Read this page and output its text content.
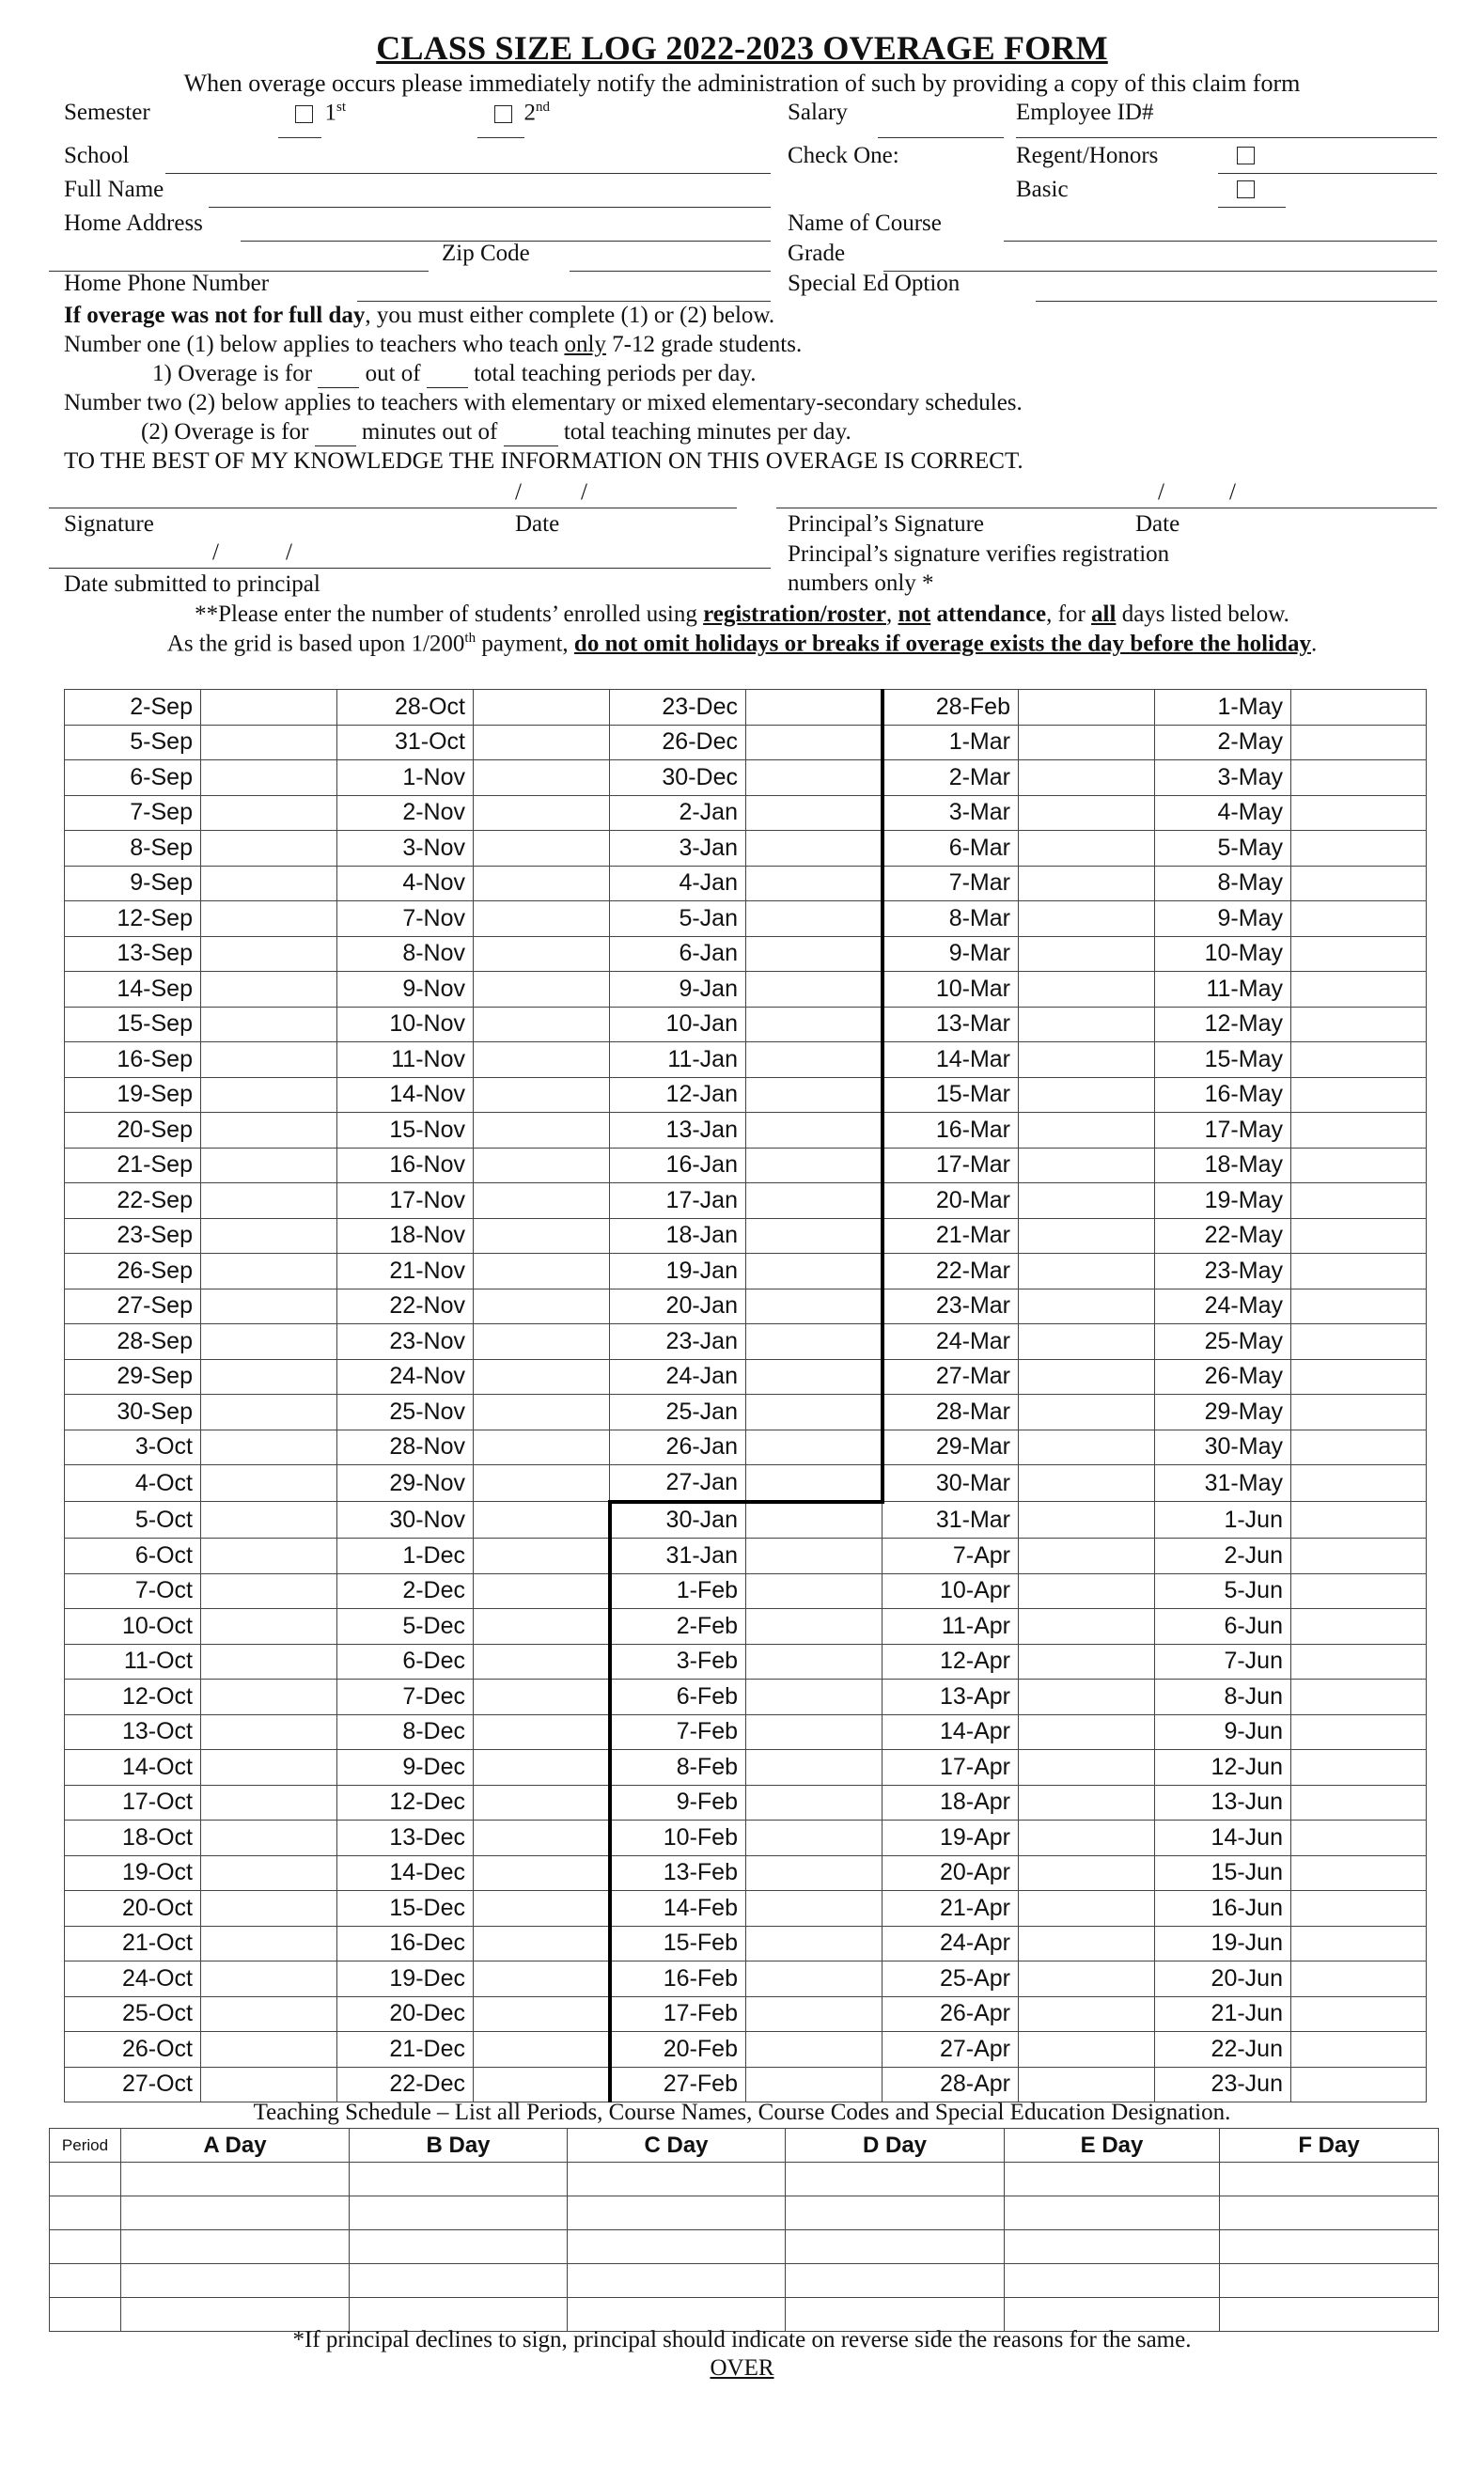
CLASS SIZE LOG 2022-2023 OVERAGE FORM
When overage occurs please immediately notify the administration of such by providing a copy of this claim form
Semester	1st	2nd	Salary	Employee ID#
School	Check One:	Regent/Honors
Full Name	Basic
Home Address	Name of Course
Zip Code	Grade
Home Phone Number	Special Ed Option
If overage was not for full day, you must either complete (1) or (2) below.
Number one (1) below applies to teachers who teach only 7-12 grade students.
1) Overage is for   out of   total teaching periods per day.
Number two (2) below applies to teachers with elementary or mixed elementary-secondary schedules.
(2) Overage is for   minutes out of   total teaching minutes per day.
TO THE BEST OF MY KNOWLEDGE THE INFORMATION ON THIS OVERAGE IS CORRECT.
/	/
Signature	Date
/	/
Principal’s Signature	Date
/	/
Date submitted to principal
Principal’s signature verifies registration
numbers only *
**Please enter the number of students’ enrolled using registration/roster, not attendance, for all days listed below.
As the grid is based upon 1/200th payment, do not omit holidays or breaks if overage exists the day before the holiday.
2-Sep		28-Oct		23-Dec		28-Feb		1-May	
5-Sep		31-Oct		26-Dec		1-Mar		2-May	
6-Sep		1-Nov		30-Dec		2-Mar		3-May	
7-Sep		2-Nov		2-Jan		3-Mar		4-May	
8-Sep		3-Nov		3-Jan		6-Mar		5-May	
9-Sep		4-Nov		4-Jan		7-Mar		8-May	
12-Sep		7-Nov		5-Jan		8-Mar		9-May	
13-Sep		8-Nov		6-Jan		9-Mar		10-May	
14-Sep		9-Nov		9-Jan		10-Mar		11-May	
15-Sep		10-Nov		10-Jan		13-Mar		12-May	
16-Sep		11-Nov		11-Jan		14-Mar		15-May	
19-Sep		14-Nov		12-Jan		15-Mar		16-May	
20-Sep		15-Nov		13-Jan		16-Mar		17-May	
21-Sep		16-Nov		16-Jan		17-Mar		18-May	
22-Sep		17-Nov		17-Jan		20-Mar		19-May	
23-Sep		18-Nov		18-Jan		21-Mar		22-May	
26-Sep		21-Nov		19-Jan		22-Mar		23-May	
27-Sep		22-Nov		20-Jan		23-Mar		24-May	
28-Sep		23-Nov		23-Jan		24-Mar		25-May	
29-Sep		24-Nov		24-Jan		27-Mar		26-May	
30-Sep		25-Nov		25-Jan		28-Mar		29-May	
3-Oct		28-Nov		26-Jan		29-Mar		30-May	
4-Oct		29-Nov		27-Jan		30-Mar		31-May	
5-Oct		30-Nov		30-Jan		31-Mar		1-Jun	
6-Oct		1-Dec		31-Jan		7-Apr		2-Jun	
7-Oct		2-Dec		1-Feb		10-Apr		5-Jun	
10-Oct		5-Dec		2-Feb		11-Apr		6-Jun	
11-Oct		6-Dec		3-Feb		12-Apr		7-Jun	
12-Oct		7-Dec		6-Feb		13-Apr		8-Jun	
13-Oct		8-Dec		7-Feb		14-Apr		9-Jun	
14-Oct		9-Dec		8-Feb		17-Apr		12-Jun	
17-Oct		12-Dec		9-Feb		18-Apr		13-Jun	
18-Oct		13-Dec		10-Feb		19-Apr		14-Jun	
19-Oct		14-Dec		13-Feb		20-Apr		15-Jun	
20-Oct		15-Dec		14-Feb		21-Apr		16-Jun	
21-Oct		16-Dec		15-Feb		24-Apr		19-Jun	
24-Oct		19-Dec		16-Feb		25-Apr		20-Jun	
25-Oct		20-Dec		17-Feb		26-Apr		21-Jun	
26-Oct		21-Dec		20-Feb		27-Apr		22-Jun	
27-Oct		22-Dec		27-Feb		28-Apr		23-Jun	
Teaching Schedule – List all Periods, Course Names, Course Codes and Special Education Designation.
Period	A Day	B Day	C Day	D Day	E Day	F Day

*If principal declines to sign, principal should indicate on reverse side the reasons for the same.
OVER
